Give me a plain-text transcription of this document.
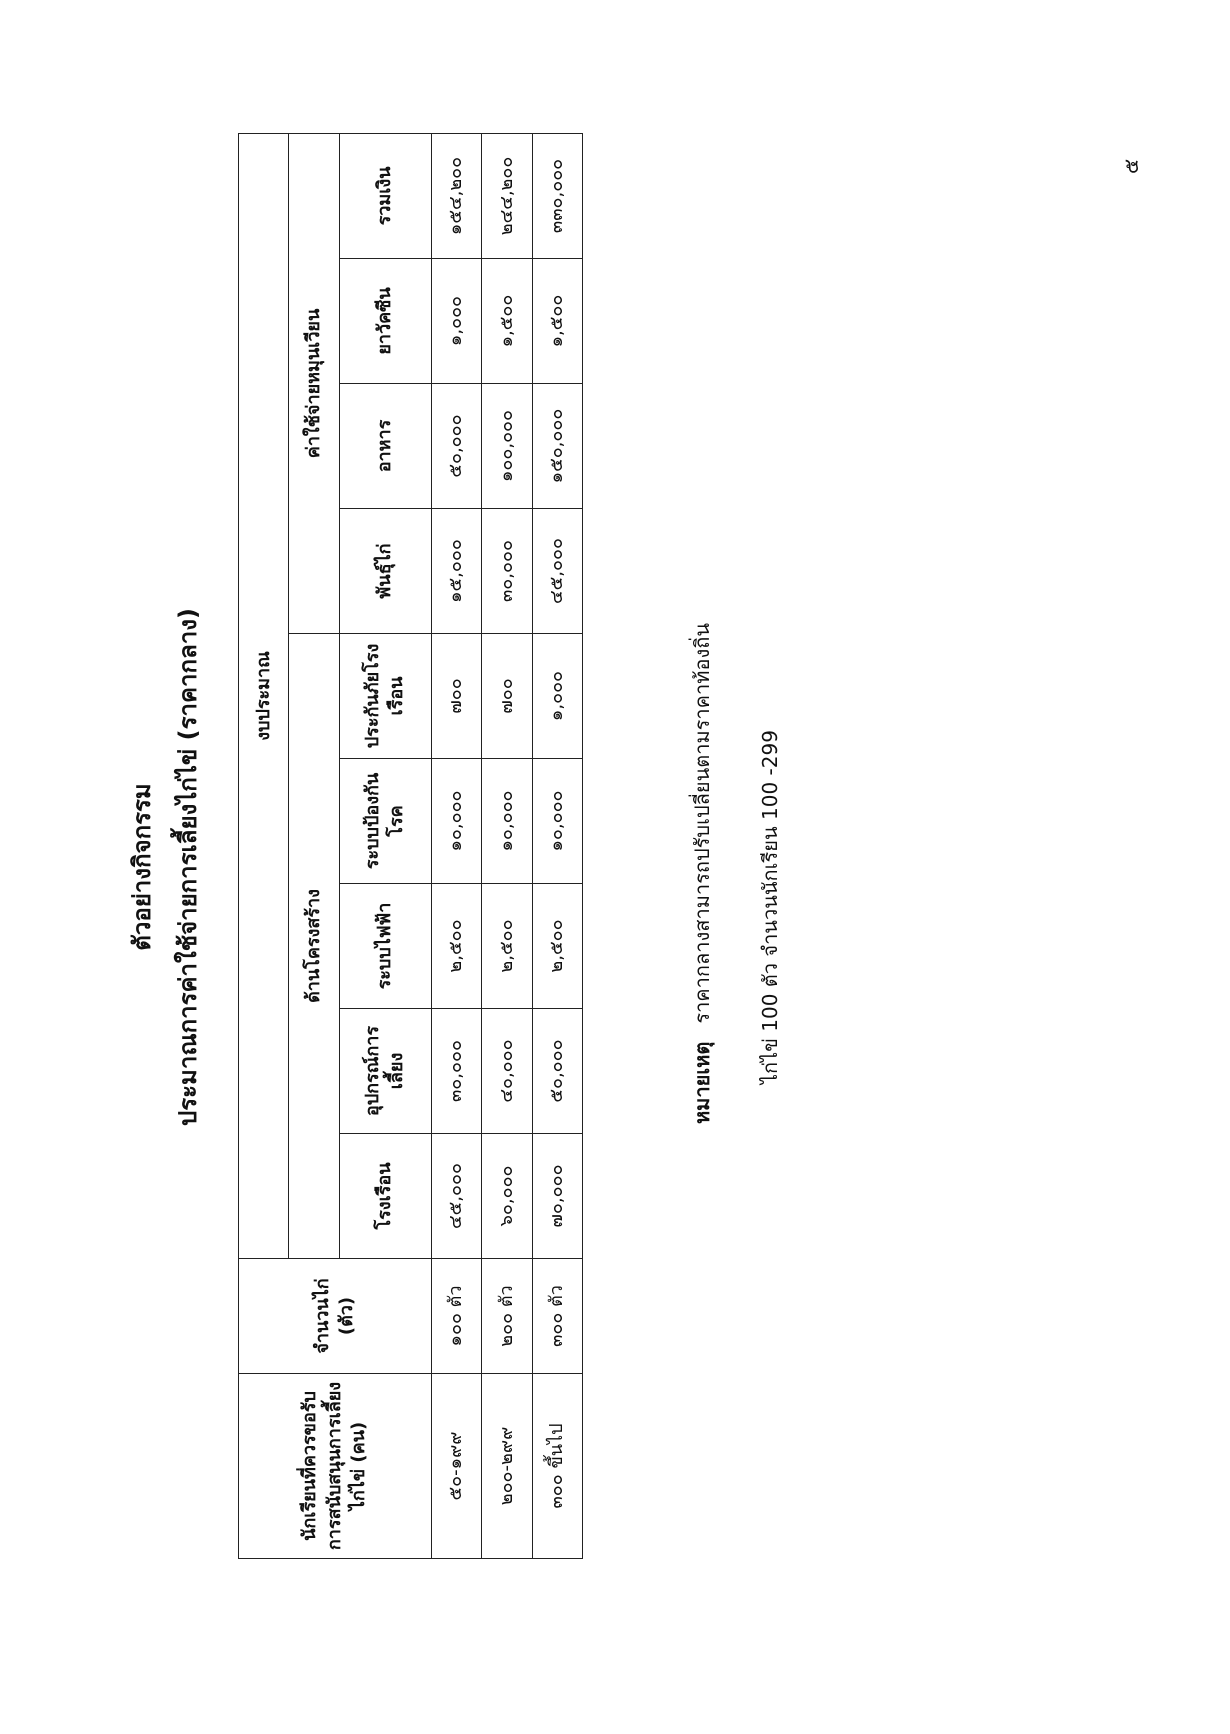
๕
ตัวอย่างกิจกรรม ประมาณการค่าใช้จ่ายการเลี้ยงไก่ไข่ (ราคากลาง)
นักเรียนที่ควรขอรับการสนับสนุนการเลี้ยงไก่ไข่ (คน)	จำนวนไก่ (ตัว)	งบประมาณ								
		ด้านโครงสร้าง					ค่าใช้จ่ายหมุนเวียน			
		โรงเรือน	อุปกรณ์การเลี้ยง	ระบบไฟฟ้า	ระบบป้องกันโรค	ประกันภัยโรงเรือน	พันธุ์ไก่	อาหาร	ยาวัคซีน	รวมเงิน
๕๐-๑๙๙	๑๐๐ ตัว	๔๕,๐๐๐	๓๐,๐๐๐	๒,๕๐๐	๑๐,๐๐๐	๗๐๐	๑๕,๐๐๐	๕๐,๐๐๐	๑,๐๐๐	๑๕๔,๒๐๐
๒๐๐-๒๙๙	๒๐๐ ตัว	๖๐,๐๐๐	๔๐,๐๐๐	๒,๕๐๐	๑๐,๐๐๐	๗๐๐	๓๐,๐๐๐	๑๐๐,๐๐๐	๑,๕๐๐	๒๔๔,๒๐๐
๓๐๐ ขึ้นไป	๓๐๐ ตัว	๗๐,๐๐๐	๕๐,๐๐๐	๒,๕๐๐	๑๐,๐๐๐	๑,๐๐๐	๔๕,๐๐๐	๑๕๐,๐๐๐	๑,๕๐๐	๓๓๐,๐๐๐
หมายเหตุราคากลางสามารถปรับเปลี่ยนตามราคาท้องถิ่น ไก่ไข่ 100 ตัว จำนวนนักเรียน 100 -299
